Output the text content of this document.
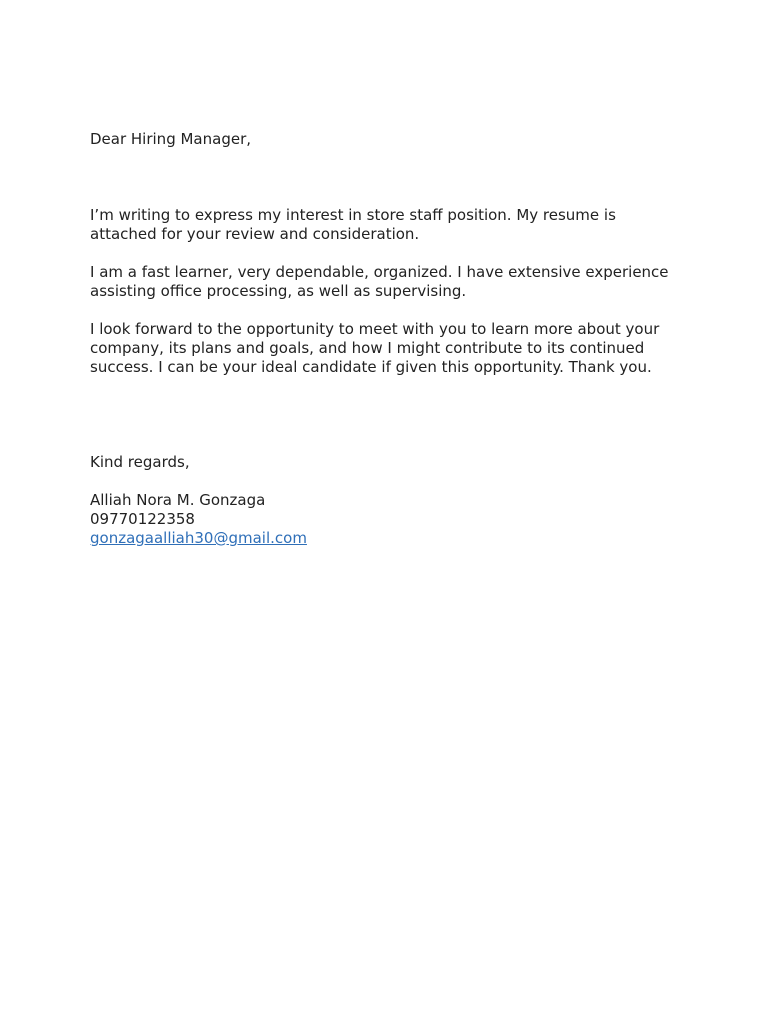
Dear Hiring Manager,

I’m writing to express my interest in store staff position. My resume is
attached for your review and consideration.

I am a fast learner, very dependable, organized. I have extensive experience
assisting office processing, as well as supervising.

I look forward to the opportunity to meet with you to learn more about your
company, its plans and goals, and how I might contribute to its continued
success. I can be your ideal candidate if given this opportunity. Thank you.

Kind regards,

Alliah Nora M. Gonzaga

09770122358

gonzagaalliah30@gmail.com
